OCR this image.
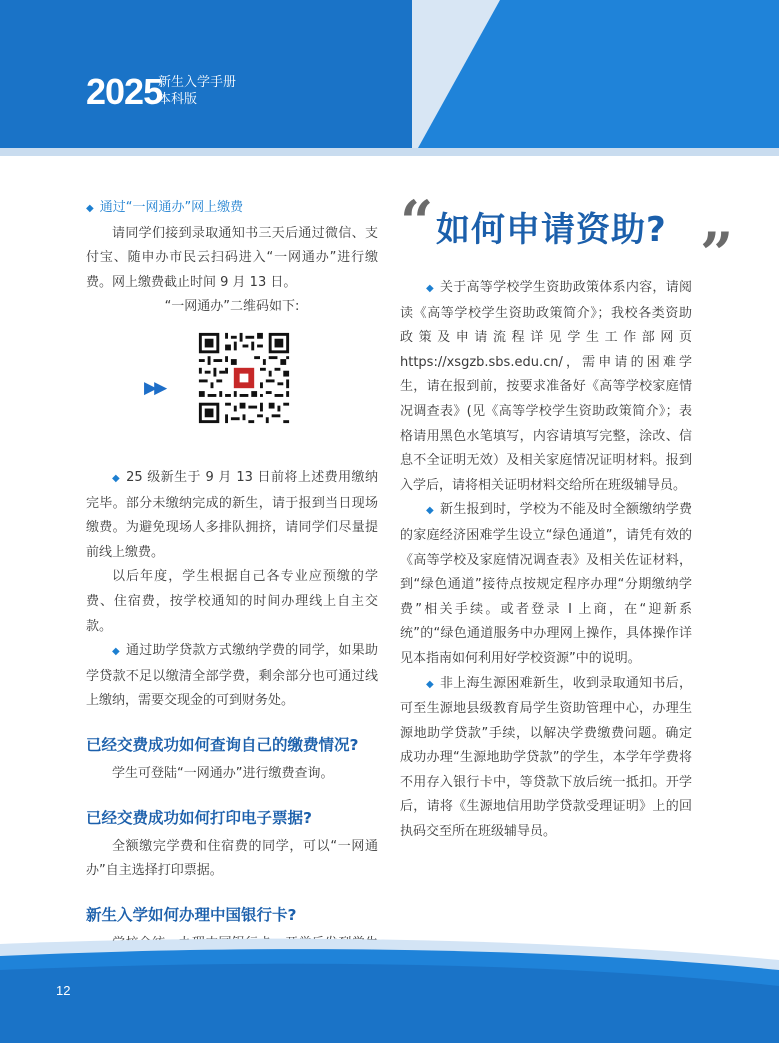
2025
新生入学手册
本科版

◆ 通过“一网通办”网上缴费

请同学们接到录取通知书三天后通过微信、支付宝、随申办市民云扫码进入“一网通办”进行缴费。网上缴费截止时间 9 月 13 日。

“一网通办”二维码如下:

▶▶

◆ 25 级新生于 9 月 13 日前将上述费用缴纳完毕。部分未缴纳完成的新生，请于报到当日现场缴费。为避免现场人多排队拥挤，请同学们尽量提前线上缴费。

以后年度，学生根据自己各专业应预缴的学费、住宿费，按学校通知的时间办理线上自主交款。

◆ 通过助学贷款方式缴纳学费的同学，如果助学贷款不足以缴清全部学费，剩余部分也可通过线上缴纳，需要交现金的可到财务处。

已经交费成功如何查询自己的缴费情况?

学生可登陆“一网通办”进行缴费查询。

已经交费成功如何打印电子票据?

全额缴完学费和住宿费的同学，可以“一网通办”自主选择打印票据。

新生入学如何办理中国银行卡?

“ 如何申请资助? ”

◆ 关于高等学校学生资助政策体系内容，请阅读《高等学校学生资助政策简介》；我校各类资助政策及申请流程详见学生工作部网页 https://xsgzb.sbs.edu.cn/，需申请的困难学生，请在报到前，按要求准备好《高等学校家庭情况调查表》(见《高等学校学生资助政策简介》；表格请用黑色水笔填写，内容请填写完整，涂改、信息不全证明无效）及相关家庭情况证明材料。报到入学后，请将相关证明材料交给所在班级辅导员。

◆ 新生报到时，学校为不能及时全额缴纳学费的家庭经济困难学生设立“绿色通道”，请凭有效的《高等学校及家庭情况调查表》及相关佐证材料，到“绿色通道”接待点按规定程序办理“分期缴纳学费”相关手续。或者登录 I 上商，在“迎新系统”的“绿色通道服务中办理网上操作，具体操作详见本指南如何利用好学校资源”中的说明。

◆ 非上海生源困难新生，收到录取通知书后，可至生源地县级教育局学生资助管理中心，办理生源地助学贷款”手续，以解决学费缴费问题。确定成功办理“生源地助学贷款”的学生，本学年学费将不用存入银行卡中，等贷款下放后统一抵扣。开学后，请将《生源地信用助学贷款受理证明》上的回执码交至所在班级辅导员。

12
